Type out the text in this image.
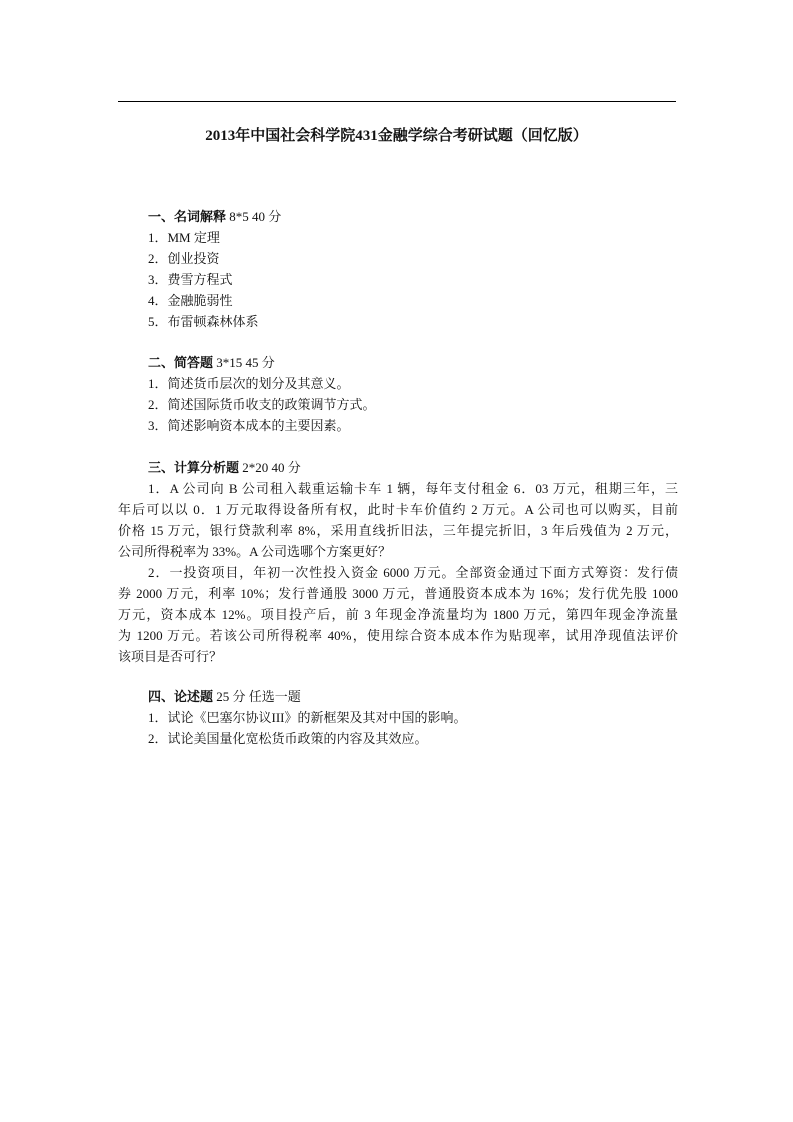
2013年中国社会科学院431金融学综合考研试题（回忆版）
一、名词解释 8*5 40 分
1．MM 定理
2．创业投资
3．费雪方程式
4．金融脆弱性
5．布雷顿森林体系
二、简答题 3*15 45 分
1．简述货币层次的划分及其意义。
2．简述国际货币收支的政策调节方式。
3．简述影响资本成本的主要因素。
三、计算分析题 2*20 40 分
1．A 公司向 B 公司租入载重运输卡车 1 辆，每年支付租金 6．03 万元，租期三年，三
年后可以以 0．1 万元取得设备所有权，此时卡车价值约 2 万元。A 公司也可以购买，目前
价格 15 万元，银行贷款利率 8%，采用直线折旧法，三年提完折旧，3 年后残值为 2 万元，
公司所得税率为 33%。A 公司选哪个方案更好？
2．一投资项目，年初一次性投入资金 6000 万元。全部资金通过下面方式筹资：发行债
券 2000 万元，利率 10%；发行普通股 3000 万元，普通股资本成本为 16%；发行优先股 1000
万元，资本成本 12%。项目投产后，前 3 年现金净流量均为 1800 万元，第四年现金净流量
为 1200 万元。若该公司所得税率 40%，使用综合资本成本作为贴现率，试用净现值法评价
该项目是否可行？
四、论述题 25 分 任选一题
1．试论《巴塞尔协议III》的新框架及其对中国的影响。
2．试论美国量化宽松货币政策的内容及其效应。
